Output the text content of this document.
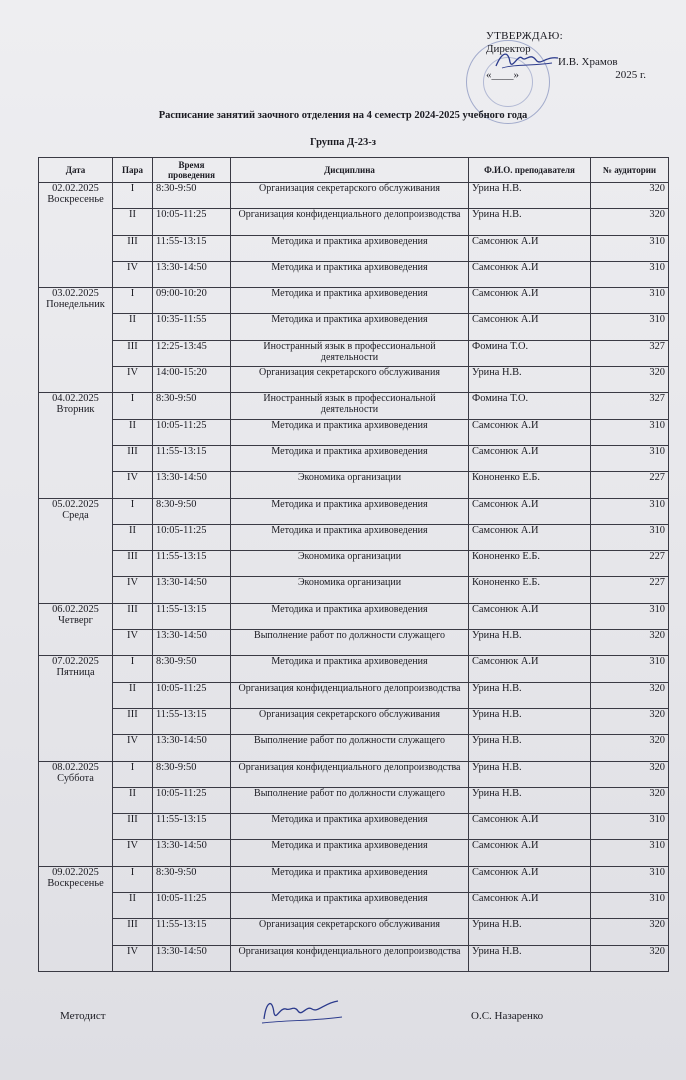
УТВЕРЖДАЮ:
Директор
И.В. Храмов
«____»	2025 г.
Расписание занятий заочного отделения на 4 семестр 2024-2025 учебного года
Группа Д-23-з
Дата	Пара	Время проведения	Дисциплина	Ф.И.О. преподавателя	№ аудитории

02.02.2025
Воскресенье	I	8:30-9:50	Организация секретарского обслуживания	Урина Н.В.	320
	II	10:05-11:25	Организация конфиденциального делопроизводства	Урина Н.В.	320
	III	11:55-13:15	Методика и практика архивоведения	Самсонюк А.И	310
	IV	13:30-14:50	Методика и практика архивоведения	Самсонюк А.И	310

03.02.2025
Понедельник	I	09:00-10:20	Методика и практика архивоведения	Самсонюк А.И	310
	II	10:35-11:55	Методика и практика архивоведения	Самсонюк А.И	310
	III	12:25-13:45	Иностранный язык в профессиональной деятельности	Фомина Т.О.	327
	IV	14:00-15:20	Организация секретарского обслуживания	Урина Н.В.	320

04.02.2025
Вторник	I	8:30-9:50	Иностранный язык в профессиональной деятельности	Фомина Т.О.	327
	II	10:05-11:25	Методика и практика архивоведения	Самсонюк А.И	310
	III	11:55-13:15	Методика и практика архивоведения	Самсонюк А.И	310
	IV	13:30-14:50	Экономика организации	Кононенко Е.Б.	227

05.02.2025
Среда	I	8:30-9:50	Методика и практика архивоведения	Самсонюк А.И	310
	II	10:05-11:25	Методика и практика архивоведения	Самсонюк А.И	310
	III	11:55-13:15	Экономика организации	Кононенко Е.Б.	227
	IV	13:30-14:50	Экономика организации	Кононенко Е.Б.	227

06.02.2025
Четверг	III	11:55-13:15	Методика и практика архивоведения	Самсонюк А.И	310
	IV	13:30-14:50	Выполнение работ по должности служащего	Урина Н.В.	320

07.02.2025
Пятница	I	8:30-9:50	Методика и практика архивоведения	Самсонюк А.И	310
	II	10:05-11:25	Организация конфиденциального делопроизводства	Урина Н.В.	320
	III	11:55-13:15	Организация секретарского обслуживания	Урина Н.В.	320
	IV	13:30-14:50	Выполнение работ по должности служащего	Урина Н.В.	320

08.02.2025
Суббота	I	8:30-9:50	Организация конфиденциального делопроизводства	Урина Н.В.	320
	II	10:05-11:25	Выполнение работ по должности служащего	Урина Н.В.	320
	III	11:55-13:15	Методика и практика архивоведения	Самсонюк А.И	310
	IV	13:30-14:50	Методика и практика архивоведения	Самсонюк А.И	310

09.02.2025
Воскресенье	I	8:30-9:50	Методика и практика архивоведения	Самсонюк А.И	310
	II	10:05-11:25	Методика и практика архивоведения	Самсонюк А.И	310
	III	11:55-13:15	Организация секретарского обслуживания	Урина Н.В.	320
	IV	13:30-14:50	Организация конфиденциального делопроизводства	Урина Н.В.	320
Методист	О.С. Назаренко
